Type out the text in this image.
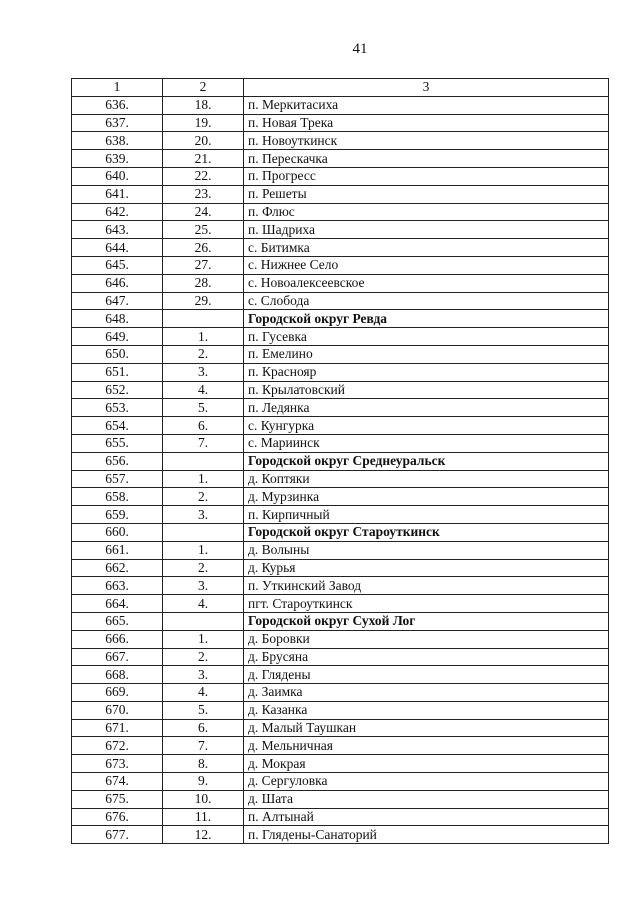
41
1	2	3
636.	18.	п. Меркитасиха
637.	19.	п. Новая Трека
638.	20.	п. Новоуткинск
639.	21.	п. Перескачка
640.	22.	п. Прогресс
641.	23.	п. Решеты
642.	24.	п. Флюс
643.	25.	п. Шадриха
644.	26.	с. Битимка
645.	27.	с. Нижнее Село
646.	28.	с. Новоалексеевское
647.	29.	с. Слобода
648.		Городской округ Ревда
649.	1.	п. Гусевка
650.	2.	п. Емелино
651.	3.	п. Краснояр
652.	4.	п. Крылатовский
653.	5.	п. Ледянка
654.	6.	с. Кунгурка
655.	7.	с. Мариинск
656.		Городской округ Среднеуральск
657.	1.	д. Коптяки
658.	2.	д. Мурзинка
659.	3.	п. Кирпичный
660.		Городской округ Староуткинск
661.	1.	д. Волыны
662.	2.	д. Курья
663.	3.	п. Уткинский Завод
664.	4.	пгт. Староуткинск
665.		Городской округ Сухой Лог
666.	1.	д. Боровки
667.	2.	д. Брусяна
668.	3.	д. Глядены
669.	4.	д. Заимка
670.	5.	д. Казанка
671.	6.	д. Малый Таушкан
672.	7.	д. Мельничная
673.	8.	д. Мокрая
674.	9.	д. Сергуловка
675.	10.	д. Шата
676.	11.	п. Алтынай
677.	12.	п. Глядены-Санаторий
